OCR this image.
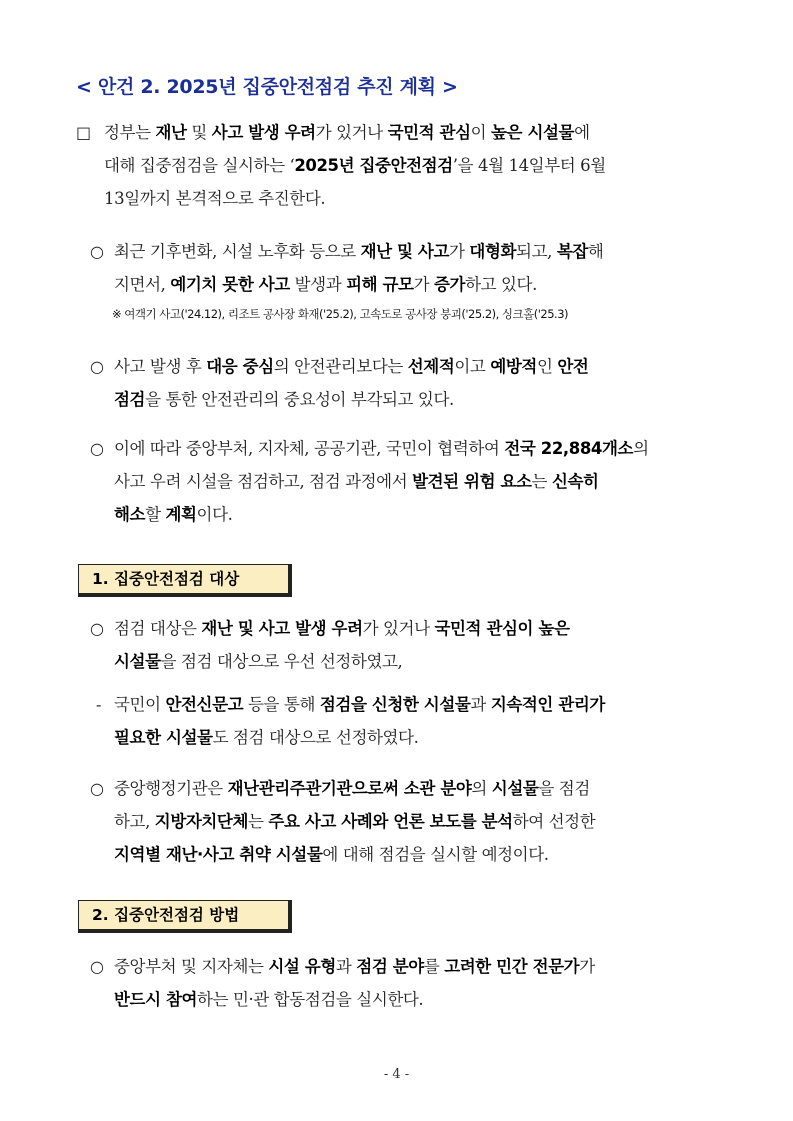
< 안건 2. 2025년 집중안전점검 추진 계획 >
□ 정부는 재난 및 사고 발생 우려가 있거나 국민적 관심이 높은 시설물에
대해 집중점검을 실시하는 ‘2025년 집중안전점검’을 4월 14일부터 6월
13일까지 본격적으로 추진한다.
○ 최근 기후변화, 시설 노후화 등으로 재난 및 사고가 대형화되고, 복잡해
지면서, 예기치 못한 사고 발생과 피해 규모가 증가하고 있다.
※ 여객기 사고('24.12), 리조트 공사장 화재('25.2), 고속도로 공사장 붕괴('25.2), 싱크홀('25.3)
○ 사고 발생 후 대응 중심의 안전관리보다는 선제적이고 예방적인 안전
점검을 통한 안전관리의 중요성이 부각되고 있다.
○ 이에 따라 중앙부처, 지자체, 공공기관, 국민이 협력하여 전국 22,884개소의
사고 우려 시설을 점검하고, 점검 과정에서 발견된 위험 요소는 신속히
해소할 계획이다.
1. 집중안전점검 대상
○ 점검 대상은 재난 및 사고 발생 우려가 있거나 국민적 관심이 높은
시설물을 점검 대상으로 우선 선정하였고,
- 국민이 안전신문고 등을 통해 점검을 신청한 시설물과 지속적인 관리가
필요한 시설물도 점검 대상으로 선정하였다.
○ 중앙행정기관은 재난관리주관기관으로써 소관 분야의 시설물을 점검
하고, 지방자치단체는 주요 사고 사례와 언론 보도를 분석하여 선정한
지역별 재난·사고 취약 시설물에 대해 점검을 실시할 예정이다.
2. 집중안전점검 방법
○ 중앙부처 및 지자체는 시설 유형과 점검 분야를 고려한 민간 전문가가
반드시 참여하는 민·관 합동점검을 실시한다.
- 4 -
